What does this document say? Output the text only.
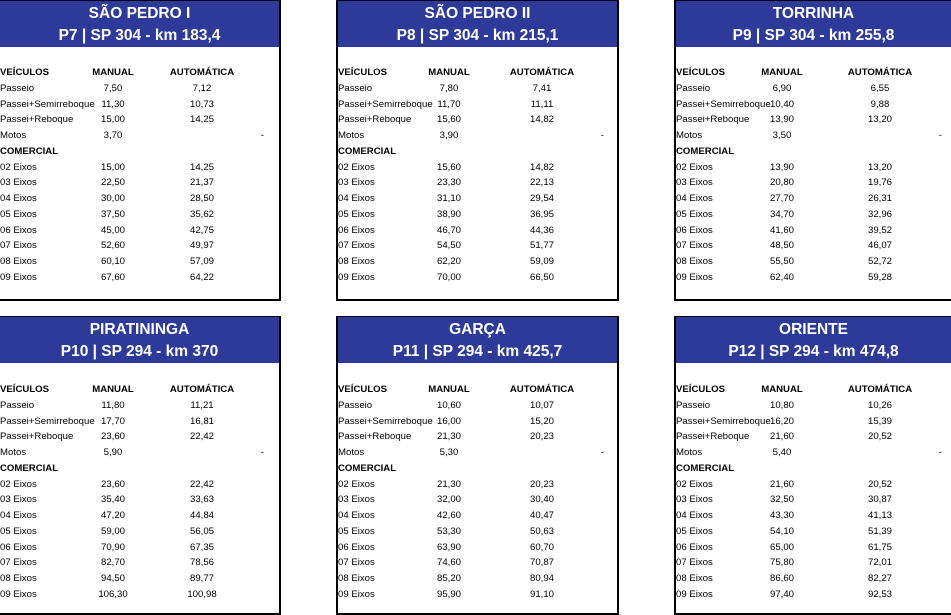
SÃO PEDRO I
P7 | SP 304 - km 183,4
VEÍCULOS	MANUAL	AUTOMÁTICA
Passeio	7,50	7,12
Passei+Semirreboque 11,30	10,73
Passei+Reboque	15,00	14,25
Motos	3,70	-
COMERCIAL
02 Eixos	15,00	14,25
03 Eixos	22,50	21,37
04 Eixos	30,00	28,50
05 Eixos	37,50	35,62
06 Eixos	45,00	42,75
07 Eixos	52,60	49,97
08 Eixos	60,10	57,09
09 Eixos	67,60	64,22
SÃO PEDRO II
P8 | SP 304 - km 215,1
VEÍCULOS	MANUAL	AUTOMÁTICA
Passeio	7,80	7,41
Passei+Semirreboque 11,70	11,11
Passei+Reboque	15,60	14,82
Motos	3,90	-
COMERCIAL
02 Eixos	15,60	14,82
03 Eixos	23,30	22,13
04 Eixos	31,10	29,54
05 Eixos	38,90	36,95
06 Eixos	46,70	44,36
07 Eixos	54,50	51,77
08 Eixos	62,20	59,09
09 Eixos	70,00	66,50
TORRINHA
P9 | SP 304 - km 255,8
VEÍCULOS	MANUAL	AUTOMÁTICA
Passeio	6,90	6,55
Passei+Semirreboque 10,40	9,88
Passei+Reboque	13,90	13,20
Motos	3,50	-
COMERCIAL
02 Eixos	13,90	13,20
03 Eixos	20,80	19,76
04 Eixos	27,70	26,31
05 Eixos	34,70	32,96
06 Eixos	41,60	39,52
07 Eixos	48,50	46,07
08 Eixos	55,50	52,72
09 Eixos	62,40	59,28
PIRATININGA
P10 | SP 294 - km 370
VEÍCULOS	MANUAL	AUTOMÁTICA
Passeio	11,80	11,21
Passei+Semirreboque 17,70	16,81
Passei+Reboque	23,60	22,42
Motos	5,90	-
COMERCIAL
02 Eixos	23,60	22,42
03 Eixos	35,40	33,63
04 Eixos	47,20	44,84
05 Eixos	59,00	56,05
06 Eixos	70,90	67,35
07 Eixos	82,70	78,56
08 Eixos	94,50	89,77
09 Eixos	106,30	100,98
GARÇA
P11 | SP 294 - km 425,7
VEÍCULOS	MANUAL	AUTOMÁTICA
Passeio	10,60	10,07
Passei+Semirreboque 16,00	15,20
Passei+Reboque	21,30	20,23
Motos	5,30	-
COMERCIAL
02 Eixos	21,30	20,23
03 Eixos	32,00	30,40
04 Eixos	42,60	40,47
05 Eixos	53,30	50,63
06 Eixos	63,90	60,70
07 Eixos	74,60	70,87
08 Eixos	85,20	80,94
09 Eixos	95,90	91,10
ORIENTE
P12 | SP 294 - km 474,8
VEÍCULOS	MANUAL	AUTOMÁTICA
Passeio	10,80	10,26
Passei+Semirreboque 16,20	15,39
Passei+Reboque	21,60	20,52
Motos	5,40	-
COMERCIAL
02 Eixos	21,60	20,52
03 Eixos	32,50	30,87
04 Eixos	43,30	41,13
05 Eixos	54,10	51,39
06 Eixos	65,00	61,75
07 Eixos	75,80	72,01
08 Eixos	86,60	82,27
09 Eixos	97,40	92,53
